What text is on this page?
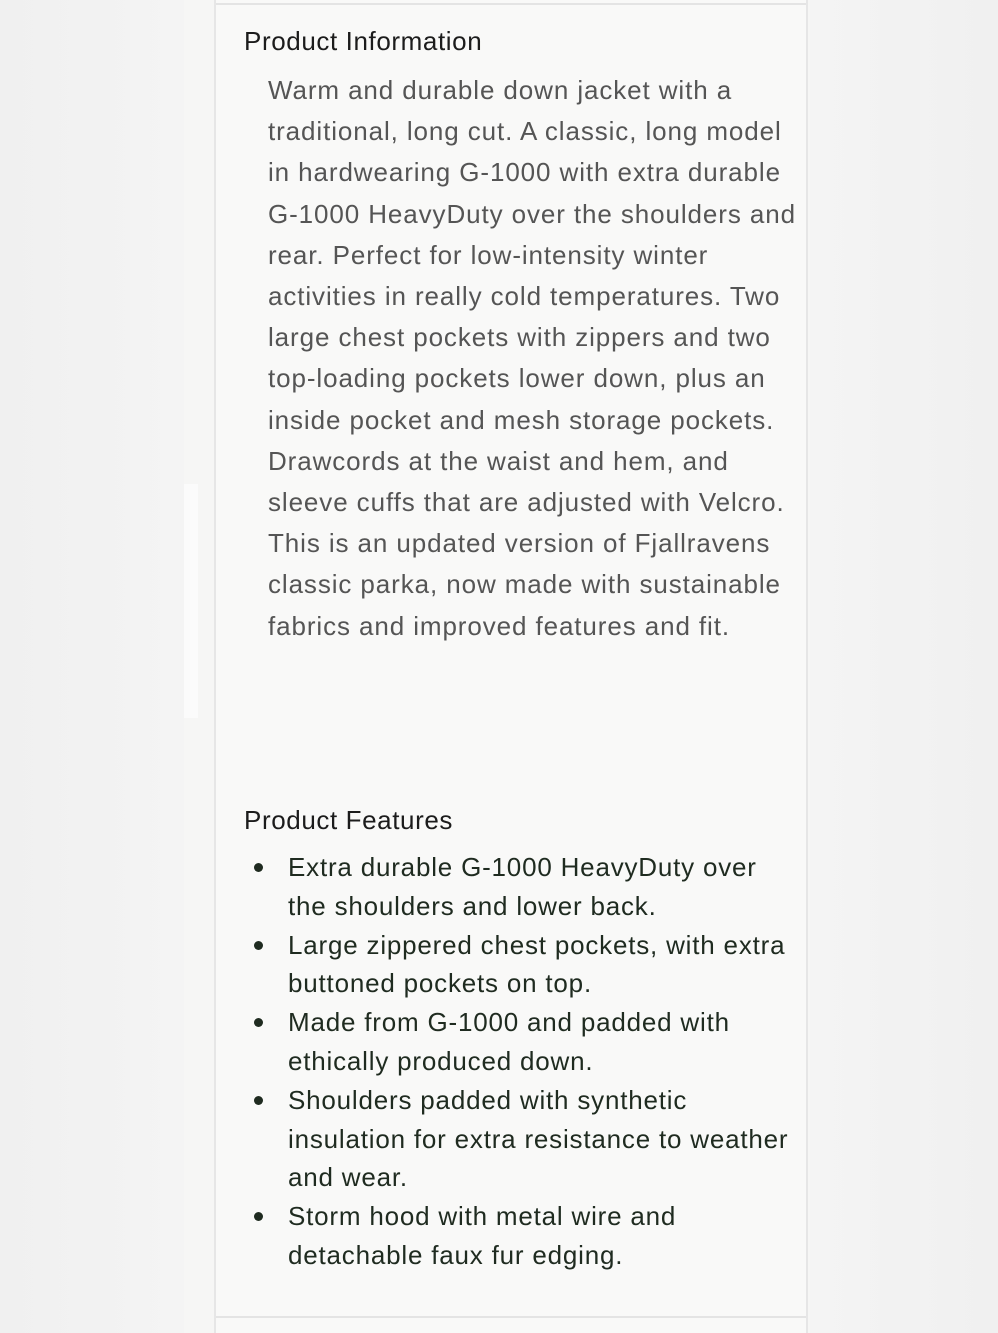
Product Information

Warm and durable down jacket with a traditional, long cut. A classic, long model in hardwearing G-1000 with extra durable G-1000 HeavyDuty over the shoulders and rear. Perfect for low-intensity winter activities in really cold temperatures. Two large chest pockets with zippers and two top-loading pockets lower down, plus an inside pocket and mesh storage pockets. Drawcords at the waist and hem, and sleeve cuffs that are adjusted with Velcro. This is an updated version of Fjallravens classic parka, now made with sustainable fabrics and improved features and fit.

Product Features
Extra durable G-1000 HeavyDuty over the shoulders and lower back.
Large zippered chest pockets, with extra buttoned pockets on top.
Made from G-1000 and padded with ethically produced down.
Shoulders padded with synthetic insulation for extra resistance to weather and wear.
Storm hood with metal wire and detachable faux fur edging.
